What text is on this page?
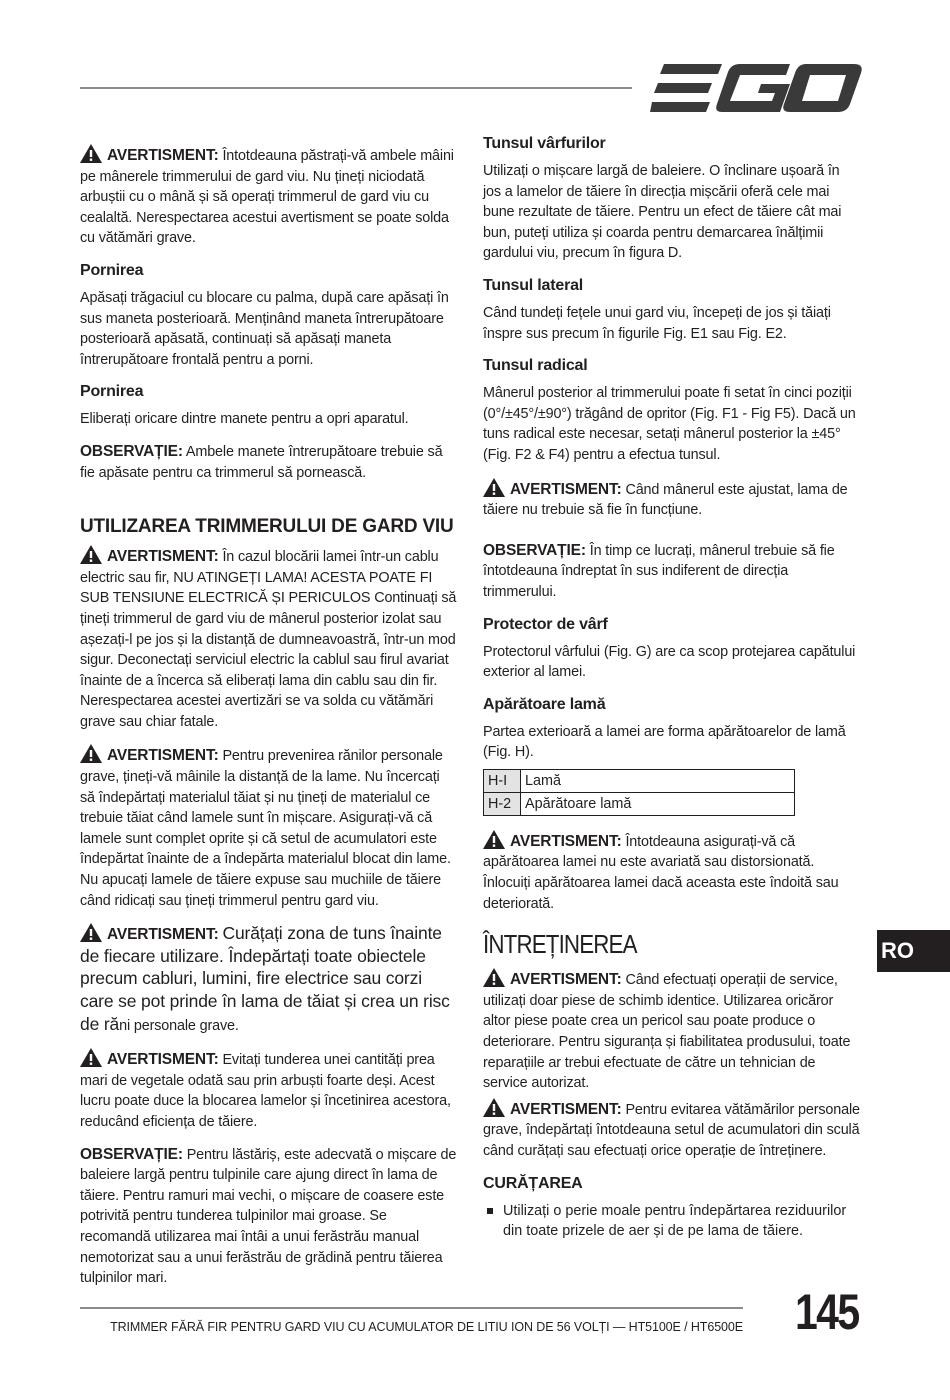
AVERTISMENT: Întotdeauna păstrați-vă ambele mâini pe mânerele trimmerului de gard viu. Nu țineți niciodată arbuștii cu o mână și să operați trimmerul de gard viu cu cealaltă. Nerespectarea acestui avertisment se poate solda cu vătămări grave.

Pornirea

Apăsați trăgaciul cu blocare cu palma, după care apăsați în sus maneta posterioară. Menținând maneta întrerupătoare posterioară apăsată, continuați să apăsați maneta întrerupătoare frontală pentru a porni.

Pornirea

Eliberați oricare dintre manete pentru a opri aparatul.

OBSERVAȚIE: Ambele manete întrerupătoare trebuie să fie apăsate pentru ca trimmerul să pornească.

UTILIZAREA TRIMMERULUI DE GARD VIU

AVERTISMENT: În cazul blocării lamei într-un cablu electric sau fir, NU ATINGEȚI LAMA! ACESTA POATE FI SUB TENSIUNE ELECTRICĂ ȘI PERICULOS Continuați să țineți trimmerul de gard viu de mânerul posterior izolat sau așezați-l pe jos și la distanță de dumneavoastră, într-un mod sigur. Deconectați serviciul electric la cablul sau firul avariat înainte de a încerca să eliberați lama din cablu sau din fir. Nerespectarea acestei avertizări se va solda cu vătămări grave sau chiar fatale.

AVERTISMENT: Pentru prevenirea rănilor personale grave, țineți-vă mâinile la distanță de la lame. Nu încercați să îndepărtați materialul tăiat și nu țineți de materialul ce trebuie tăiat când lamele sunt în mișcare. Asigurați-vă că lamele sunt complet oprite și că setul de acumulatori este îndepărtat înainte de a îndepărta materialul blocat din lame. Nu apucați lamele de tăiere expuse sau muchiile de tăiere când ridicați sau țineți trimmerul pentru gard viu.

AVERTISMENT: Curățați zona de tuns înainte de fiecare utilizare. Îndepărtați toate obiectele precum cabluri, lumini, fire electrice sau corzi care se pot prinde în lama de tăiat și crea un risc de răni personale grave.

AVERTISMENT: Evitați tunderea unei cantități prea mari de vegetale odată sau prin arbuști foarte deși. Acest lucru poate duce la blocarea lamelor și încetinirea acestora, reducând eficiența de tăiere.

OBSERVAȚIE: Pentru lăstăriș, este adecvată o mișcare de baleiere largă pentru tulpinile care ajung direct în lama de tăiere. Pentru ramuri mai vechi, o mișcare de coasere este potrivită pentru tunderea tulpinilor mai groase. Se recomandă utilizarea mai întâi a unui ferăstrău manual nemotorizat sau a unui ferăstrău de grădină pentru tăierea tulpinilor mari.

Tunsul vârfurilor

Utilizați o mișcare largă de baleiere. O înclinare ușoară în jos a lamelor de tăiere în direcția mișcării oferă cele mai bune rezultate de tăiere. Pentru un efect de tăiere cât mai bun, puteți utiliza și coarda pentru demarcarea înălțimii gardului viu, precum în figura D.

Tunsul lateral

Când tundeți fețele unui gard viu, începeți de jos și tăiați înspre sus precum în figurile Fig. E1 sau Fig. E2.

Tunsul radical

Mânerul posterior al trimmerului poate fi setat în cinci poziții (0°/±45°/±90°) trăgând de opritor (Fig. F1 - Fig F5). Dacă un tuns radical este necesar, setați mânerul posterior la ±45° (Fig. F2 & F4) pentru a efectua tunsul.

AVERTISMENT: Când mânerul este ajustat, lama de tăiere nu trebuie să fie în funcțiune.

OBSERVAȚIE: În timp ce lucrați, mânerul trebuie să fie întotdeauna îndreptat în sus indiferent de direcția trimmerului.

Protector de vârf

Protectorul vârfului (Fig. G) are ca scop protejarea capătului exterior al lamei.

Apărătoare lamă

Partea exterioară a lamei are forma apărătoarelor de lamă (Fig. H).

H-I	Lamă
H-2	Apărătoare lamă

AVERTISMENT: Întotdeauna asigurați-vă că apărătoarea lamei nu este avariată sau distorsionată. Înlocuiți apărătoarea lamei dacă aceasta este îndoită sau deteriorată.

ÎNTREȚINEREA

AVERTISMENT: Când efectuați operații de service, utilizați doar piese de schimb identice. Utilizarea oricăror altor piese poate crea un pericol sau poate produce o deteriorare. Pentru siguranța și fiabilitatea produsului, toate reparațiile ar trebui efectuate de către un tehnician de service autorizat.

AVERTISMENT: Pentru evitarea vătămărilor personale grave, îndepărtați întotdeauna setul de acumulatori din sculă când curățați sau efectuați orice operație de întreținere.

CURĂȚAREA
Utilizați o perie moale pentru îndepărtarea reziduurilor din toate prizele de aer și de pe lama de tăiere.
RO
TRIMMER FĂRĂ FIR PENTRU GARD VIU CU ACUMULATOR DE LITIU ION DE 56 VOLȚI — HT5100E / HT6500E 145
